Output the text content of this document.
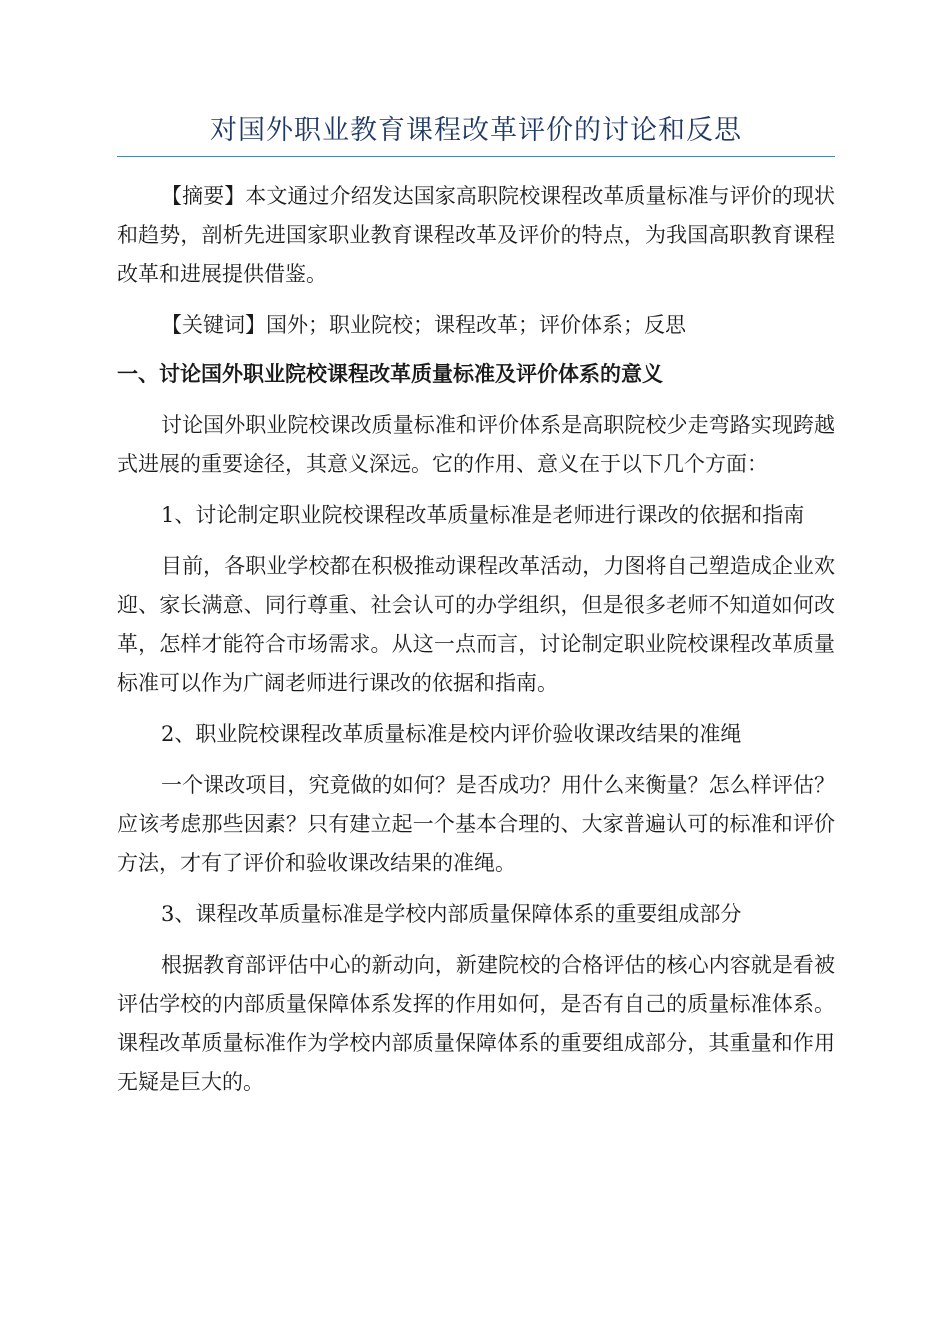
对国外职业教育课程改革评价的讨论和反思

【摘要】本文通过介绍发达国家高职院校课程改革质量标准与评价的现状和趋势，剖析先进国家职业教育课程改革及评价的特点，为我国高职教育课程改革和进展提供借鉴。

【关键词】国外；职业院校；课程改革；评价体系；反思

一、讨论国外职业院校课程改革质量标准及评价体系的意义

讨论国外职业院校课改质量标准和评价体系是高职院校少走弯路实现跨越式进展的重要途径，其意义深远。它的作用、意义在于以下几个方面：

1、讨论制定职业院校课程改革质量标准是老师进行课改的依据和指南

目前，各职业学校都在积极推动课程改革活动，力图将自己塑造成企业欢迎、家长满意、同行尊重、社会认可的办学组织，但是很多老师不知道如何改革，怎样才能符合市场需求。从这一点而言，讨论制定职业院校课程改革质量标准可以作为广阔老师进行课改的依据和指南。

2、职业院校课程改革质量标准是校内评价验收课改结果的准绳

一个课改项目，究竟做的如何？是否成功？用什么来衡量？怎么样评估？应该考虑那些因素？只有建立起一个基本合理的、大家普遍认可的标准和评价方法，才有了评价和验收课改结果的准绳。

3、课程改革质量标准是学校内部质量保障体系的重要组成部分

根据教育部评估中心的新动向，新建院校的合格评估的核心内容就是看被评估学校的内部质量保障体系发挥的作用如何，是否有自己的质量标准体系。课程改革质量标准作为学校内部质量保障体系的重要组成部分，其重量和作用无疑是巨大的。
